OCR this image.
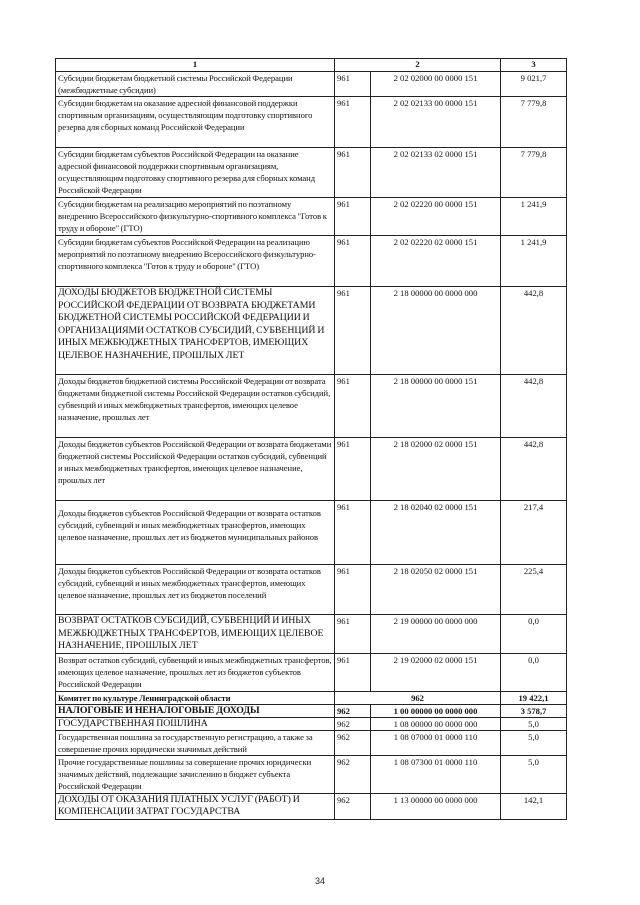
1	2		3
Субсидии бюджетам бюджетной системы Российской Федерации (межбюджетные субсидии)	961	2 02 02000 00 0000 151	9 021,7
Субсидии бюджетам на оказание адресной финансовой поддержки спортивным организациям, осуществляющим подготовку спортивного резерва для сборных команд Российской Федерации	961	2 02 02133 00 0000 151	7 779,8
Субсидии бюджетам субъектов Российской Федерации на оказание адресной финансовой поддержки спортивным организациям, осуществляющим подготовку спортивного резерва для сборных команд Российской Федерации	961	2 02 02133 02 0000 151	7 779,8
Субсидии бюджетам на реализацию мероприятий по поэтапному внедрению Всероссийского физкультурно-спортивного комплекса "Готов к труду и обороне" (ГТО)	961	2 02 02220 00 0000 151	1 241,9
Субсидии бюджетам субъектов Российской Федерации на реализацию мероприятий по поэтапному внедрению Всероссийского физкультурно-спортивного комплекса "Готов к труду и обороне" (ГТО)	961	2 02 02220 02 0000 151	1 241,9
ДОХОДЫ БЮДЖЕТОВ БЮДЖЕТНОЙ СИСТЕМЫ РОССИЙСКОЙ ФЕДЕРАЦИИ ОТ ВОЗВРАТА БЮДЖЕТАМИ БЮДЖЕТНОЙ СИСТЕМЫ РОССИЙСКОЙ ФЕДЕРАЦИИ И ОРГАНИЗАЦИЯМИ ОСТАТКОВ СУБСИДИЙ, СУБВЕНЦИЙ И ИНЫХ МЕЖБЮДЖЕТНЫХ ТРАНСФЕРТОВ, ИМЕЮЩИХ ЦЕЛЕВОЕ НАЗНАЧЕНИЕ, ПРОШЛЫХ ЛЕТ	961	2 18 00000 00 0000 000	442,8
Доходы бюджетов бюджетной системы Российской Федерации от возврата бюджетами бюджетной системы Российской Федерации остатков субсидий, субвенций и иных межбюджетных трансфертов, имеющих целевое назначение, прошлых лет	961	2 18 00000 00 0000 151	442,8
Доходы бюджетов субъектов Российской Федерации от возврата бюджетами бюджетной системы Российской Федерации остатков субсидий, субвенций и иных межбюджетных трансфертов, имеющих целевое назначение, прошлых лет	961	2 18 02000 02 0000 151	442,8
Доходы бюджетов субъектов Российской Федерации от возврата остатков субсидий, субвенций и иных межбюджетных трансфертов, имеющих целевое назначение, прошлых лет из бюджетов муниципальных районов	961	2 18 02040 02 0000 151	217,4
Доходы бюджетов субъектов Российской Федерации от возврата остатков субсидий, субвенций и иных межбюджетных трансфертов, имеющих целевое назначение, прошлых лет из бюджетов поселений	961	2 18 02050 02 0000 151	225,4
ВОЗВРАТ ОСТАТКОВ СУБСИДИЙ, СУБВЕНЦИЙ И ИНЫХ МЕЖБЮДЖЕТНЫХ ТРАНСФЕРТОВ, ИМЕЮЩИХ ЦЕЛЕВОЕ НАЗНАЧЕНИЕ, ПРОШЛЫХ ЛЕТ	961	2 19 00000 00 0000 000	0,0
Возврат остатков субсидий, субвенций и иных межбюджетных трансфертов, имеющих целевое назначение, прошлых лет из бюджетов субъектов Российской Федерации	961	2 19 02000 02 0000 151	0,0
Комитет по культуре Ленинградской области	962		19 422,1
НАЛОГОВЫЕ И НЕНАЛОГОВЫЕ ДОХОДЫ	962	1 00 00000 00 0000 000	3 578,7
ГОСУДАРСТВЕННАЯ ПОШЛИНА	962	1 08 00000 00 0000 000	5,0
Государственная пошлина за государственную регистрацию, а также за совершение прочих юридически значимых действий	962	1 08 07000 01 0000 110	5,0
Прочие государственные пошлины за совершение прочих юридически значимых действий, подлежащие зачислению в бюджет субъекта Российской Федерации	962	1 08 07300 01 0000 110	5,0
ДОХОДЫ ОТ ОКАЗАНИЯ ПЛАТНЫХ УСЛУГ (РАБОТ) И КОМПЕНСАЦИИ ЗАТРАТ ГОСУДАРСТВА	962	1 13 00000 00 0000 000	142,1
34
